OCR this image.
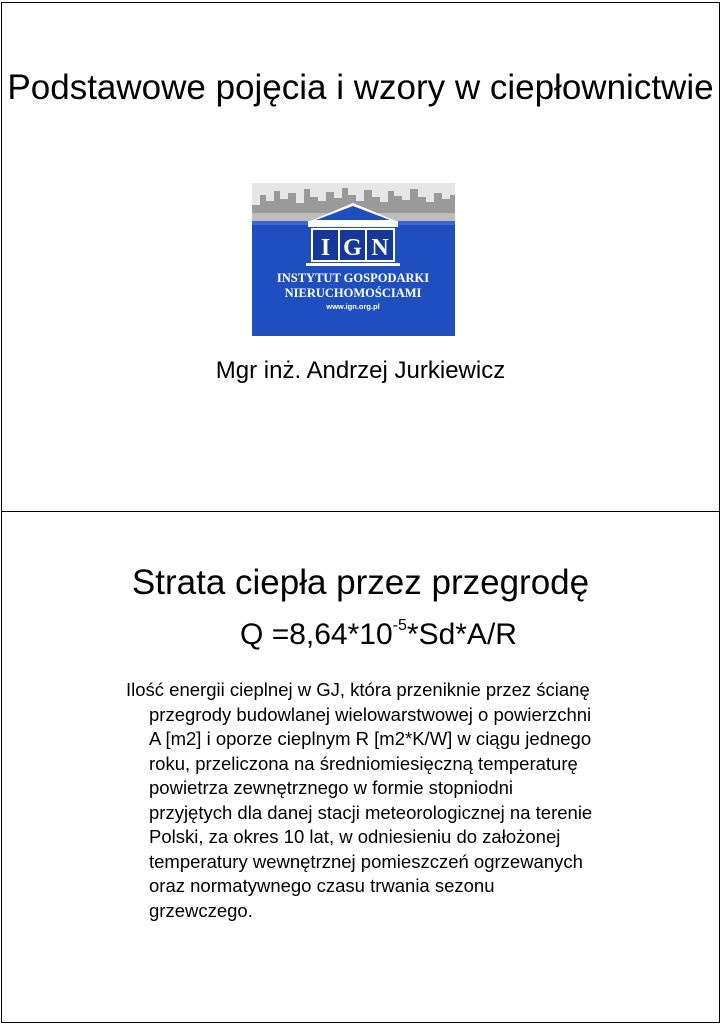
Podstawowe pojęcia i wzory w ciepłownictwie
I G N
INSTYTUT GOSPODARKI
NIERUCHOMOŚCIAMI
www.ign.org.pl
Mgr inż. Andrzej Jurkiewicz
Strata ciepła przez przegrodę
$Q =8,64*10^{-5}*Sd*A/R$
Ilość energii cieplnej w GJ, która przeniknie przez ścianę przegrody budowlanej wielowarstwowej o powierzchni A [m2] i oporze cieplnym R [m2*K/W] w ciągu jednego roku, przeliczona na średniomiesięczną temperaturę powietrza zewnętrznego w formie stopniodni przyjętych dla danej stacji meteorologicznej na terenie Polski, za okres 10 lat, w odniesieniu do założonej temperatury wewnętrznej pomieszczeń ogrzewanych oraz normatywnego czasu trwania sezonu grzewczego.
